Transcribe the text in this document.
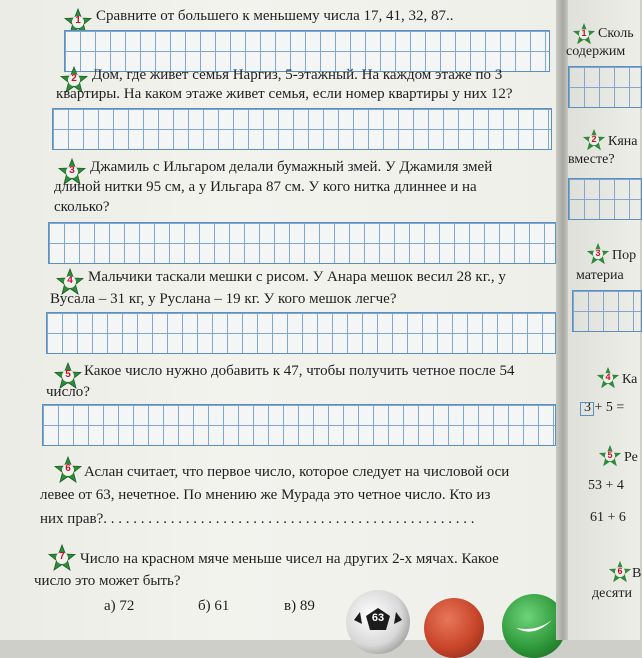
1	Сравните от большего к меньшему числа 17, 41, 32, 87..
2	Дом, где живет семья Наргиз, 5-этажный. На каждом этаже по 3
квартиры. На каком этаже живет семья, если номер квартиры у них 12?
3	Джамиль с Ильгаром делали бумажный змей. У Джамиля змей
длиной нитки 95 см, а у Ильгара 87 см. У кого нитка длиннее и на
сколько?
4	Мальчики таскали мешки с рисом. У Анара мешок весил 28 кг., у
Вусала – 31 кг, у Руслана – 19 кг. У кого мешок легче?
5 Какое число нужно добавить к 47, чтобы получить четное после 54
число?
6 Аслан считает, что первое число, которое следует на числовой оси
левее от 63, нечетное. По мнению же Мурада это четное число. Кто из
них прав?. . . . . . . . . . . . . . . . . . . . . . . . . . . . . . . . . . . . . . . . . . . . . . . . . .
7	Число на красном мяче меньше чисел на других 2-х мячах. Какое
число это может быть?
а) 72	б) 61	в) 89
63
1 Сколь
содержим
2 Кяна
вместе?
3 Пор
материа
4 Ка
3 + 5 =
5 Ре
53 + 4
61 + 6
6 В
десяти
